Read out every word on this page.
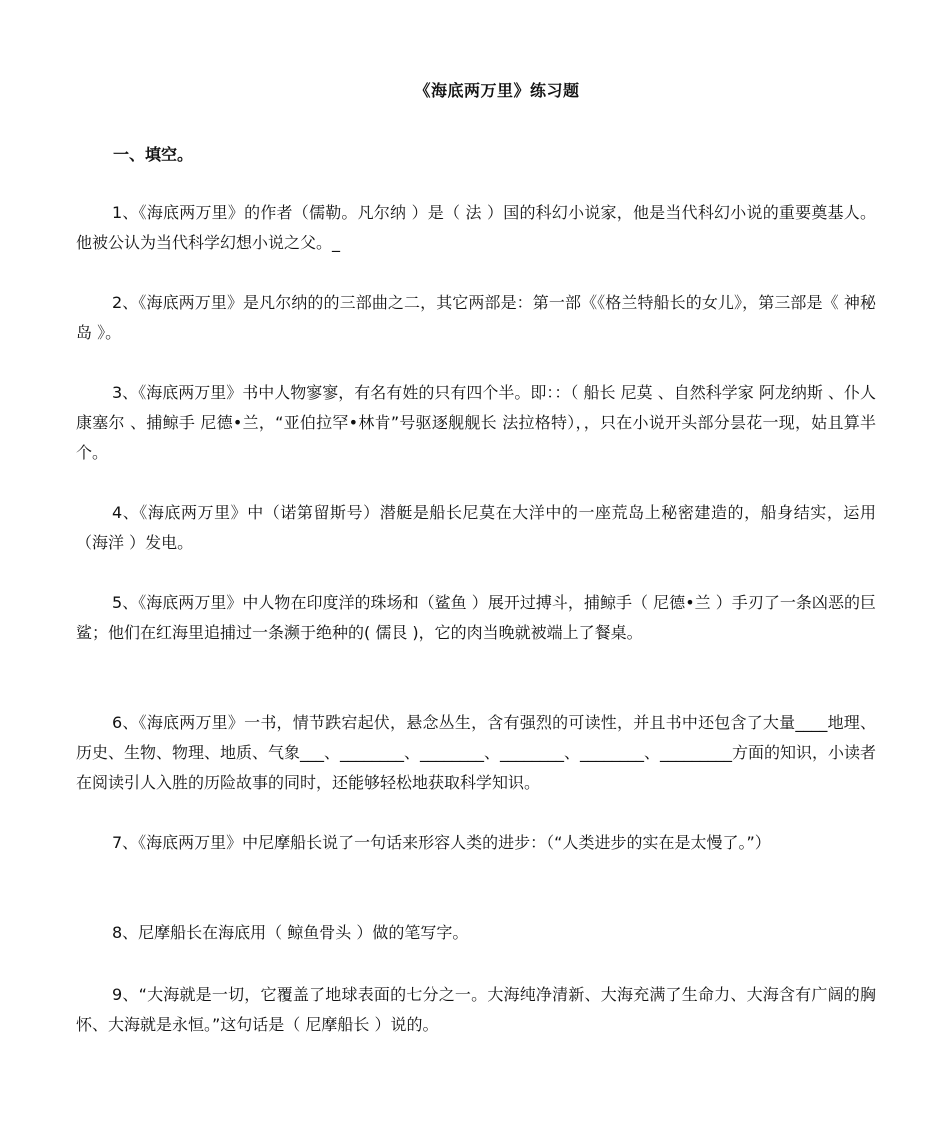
《海底两万里》练习题
一、填空。

1、《海底两万里》的作者（儒勒。凡尔纳 ）是（ 法 ）国的科幻小说家，他是当代科幻小说的重要奠基人。他被公认为当代科学幻想小说之父。_

2、《海底两万里》是凡尔纳的的三部曲之二，其它两部是：第一部《《格兰特船长的女儿》，第三部是《 神秘岛 》。

3、《海底两万里》书中人物寥寥，有名有姓的只有四个半。即：：（ 船长 尼莫 、自然科学家 阿龙纳斯 、仆人 康塞尔 、捕鲸手 尼德•兰，“亚伯拉罕•林肯”号驱逐舰舰长 法拉格特），，只在小说开头部分昙花一现，姑且算半个。

4、《海底两万里》中（诺第留斯号）潜艇是船长尼莫在大洋中的一座荒岛上秘密建造的，船身结实，运用（海洋 ）发电。

5、《海底两万里》中人物在印度洋的珠场和（鲨鱼 ）展开过搏斗，捕鲸手（ 尼德•兰 ）手刃了一条凶恶的巨鲨；他们在红海里追捕过一条濒于绝种的( 儒艮 )，它的肉当晚就被端上了餐桌。

6、《海底两万里》一书，情节跌宕起伏，悬念丛生，含有强烈的可读性，并且书中还包含了大量____地理、历史、生物、物理、地质、气象___、________、________、________、________、_________方面的知识，小读者在阅读引人入胜的历险故事的同时，还能够轻松地获取科学知识。

7、《海底两万里》中尼摩船长说了一句话来形容人类的进步：（“人类进步的实在是太慢了。”）

8、尼摩船长在海底用（ 鲸鱼骨头 ）做的笔写字。

9、“大海就是一切，它覆盖了地球表面的七分之一。大海纯净清新、大海充满了生命力、大海含有广阔的胸怀、大海就是永恒。”这句话是（ 尼摩船长 ）说的。
